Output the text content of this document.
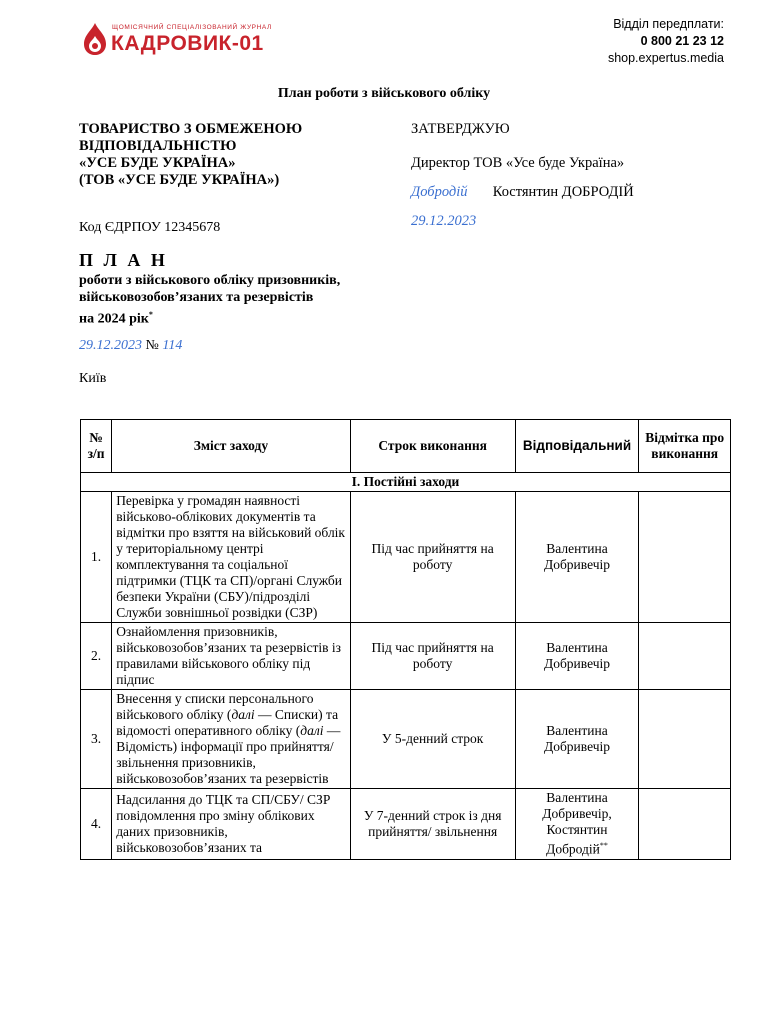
ЩОМІСЯЧНИЙ СПЕЦІАЛІЗОВАНИЙ ЖУРНАЛ
КАДРОВИК-01
Відділ передплати:
0 800 21 23 12
shop.expertus.media
План роботи з військового обліку
ТОВАРИСТВО З ОБМЕЖЕНОЮ
ВІДПОВІДАЛЬНІСТЮ
«УСЕ БУДЕ УКРАЇНА»
(ТОВ «УСЕ БУДЕ УКРАЇНА»)
ЗАТВЕРДЖУЮ
Директор ТОВ «Усе буде Україна»
Добродій Костянтин ДОБРОДІЙ
29.12.2023
Код ЄДРПОУ 12345678
П Л А Н
роботи з військового обліку призовників,
військовозобов’язаних та резервістів
на 2024 рік*
29.12.2023 № 114
Київ
№ з/п	Зміст заходу	Строк виконання	Відповідальний	Відмітка про виконання
І. Постійні заходи				
1.	Перевірка у громадян наявності військово-облікових документів та відмітки про взяття на військовий облік у територіальному центрі комплектування та соціальної підтримки (ТЦК та СП)/органі Служби безпеки України (СБУ)/підрозділі Служби зовнішньої розвідки (СЗР)	Під час прийняття на роботу	Валентина Добривечір	
2.	Ознайомлення призовників, військовозобов’язаних та резервістів із правилами військового обліку під підпис	Під час прийняття на роботу	Валентина Добривечір	
3.	Внесення у списки персонального військового обліку (далі — Списки) та відомості оперативного обліку (далі — Відомість) інформації про прийняття/звільнення призовників, військовозобов’язаних та резервістів	У 5-денний строк	Валентина Добривечір	
4.	Надсилання до ТЦК та СП/СБУ/ СЗР повідомлення про зміну облікових даних призовників, військовозобов’язаних та	У 7-денний строк із дня прийняття/ звільнення	Валентина Добривечір, Костянтин Добродій**	
